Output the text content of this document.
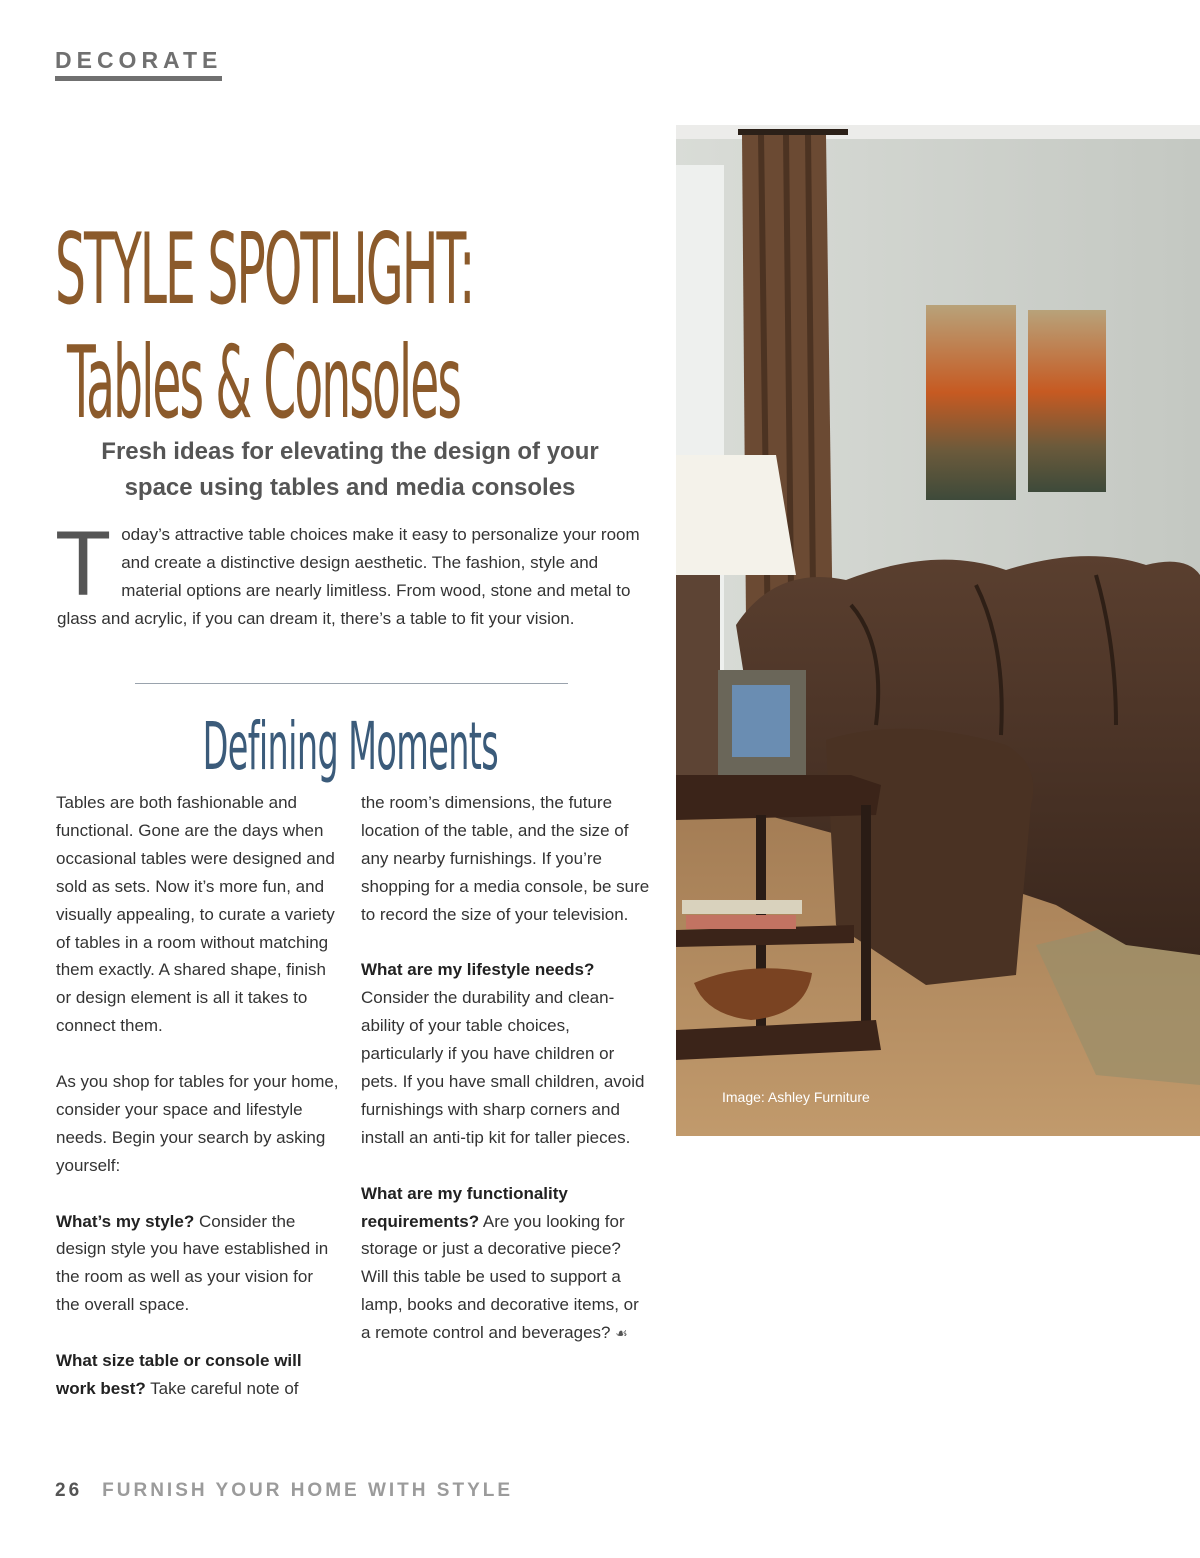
DECORATE

STYLE SPOTLIGHT:
Tables & Consoles
Fresh ideas for elevating the design of your
space using tables and media consoles

Today’s attractive table choices make it easy to personalize your room and create a distinctive design aesthetic. The fashion, style and material options are nearly limitless. From wood, stone and metal to glass and acrylic, if you can dream it, there’s a table to fit your vision.

Defining Moments

Tables are both fashionable and functional. Gone are the days when occasional tables were designed and sold as sets. Now it’s more fun, and visually appealing, to curate a variety of tables in a room without matching them exactly. A shared shape, finish or design element is all it takes to connect them.

As you shop for tables for your home, consider your space and lifestyle needs. Begin your search by asking yourself:

What’s my style? Consider the design style you have established in the room as well as your vision for the overall space.

What size table or console will work best? Take careful note of

the room’s dimensions, the future location of the table, and the size of any nearby furnishings. If you’re shopping for a media console, be sure to record the size of your television.

What are my lifestyle needs? Consider the durability and clean-ability of your table choices, particularly if you have children or pets. If you have small children, avoid furnishings with sharp corners and install an anti-tip kit for taller pieces.

What are my functionality requirements? Are you looking for storage or just a decorative piece? Will this table be used to support a lamp, books and decorative items, or a remote control and beverages? ☙

Image: Ashley Furniture

26 FURNISH YOUR HOME WITH STYLE
